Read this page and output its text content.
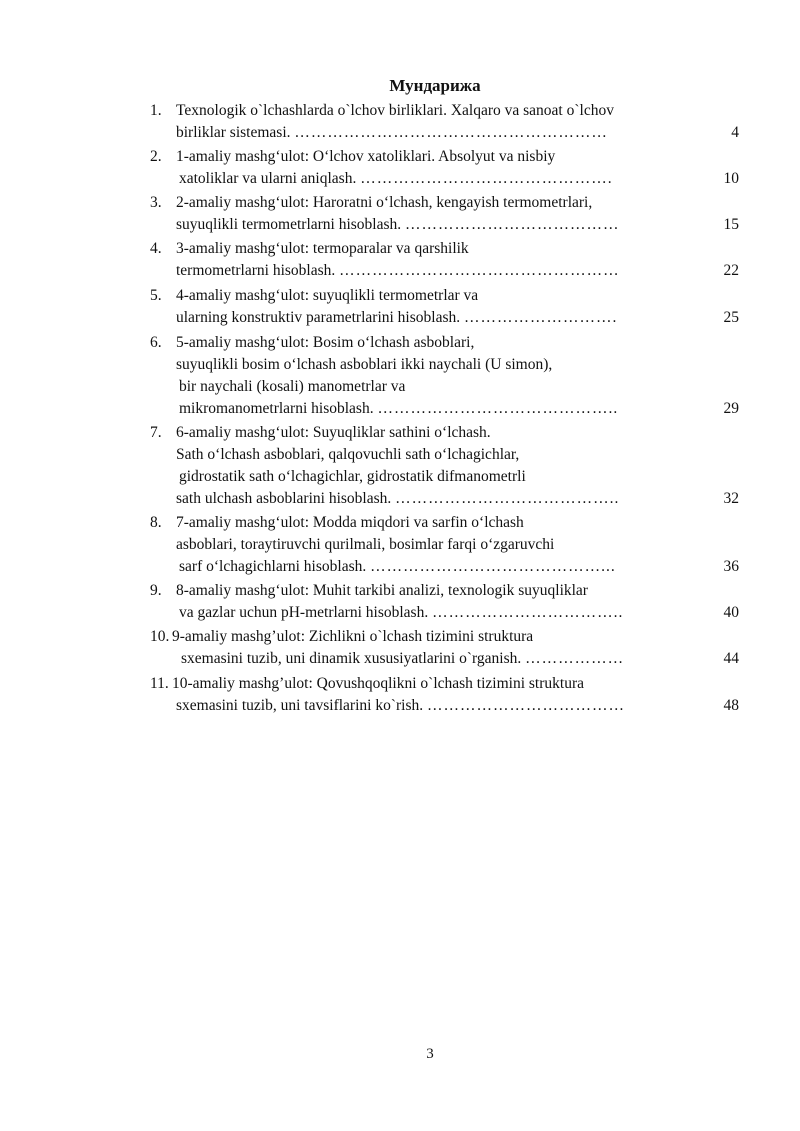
Мундарижа
1. Texnologik o`lchashlarda o`lchov birliklari. Xalqaro va sanoat o`lchov
birliklar sistemasi. …………………………………………………	4
2. 1-amaliy mashg‘ulot: O‘lchov xatoliklari. Absolyut va nisbiy
xatoliklar va ularni aniqlash. ……………………………………….	10
3. 2-amaliy mashg‘ulot: Haroratni o‘lchash, kengayish termometrlari,
suyuqlikli termometrlarni hisoblash. …………………………………	15
4. 3-amaliy mashg‘ulot: termoparalar va qarshilik
termometrlarni hisoblash. ……………………………………………	22
5. 4-amaliy mashg‘ulot: suyuqlikli termometrlar va
ularning konstruktiv parametrlarini hisoblash. ……………………….	25
6. 5-amaliy mashg‘ulot: Bosim o‘lchash asboblari,
suyuqlikli bosim o‘lchash asboblari ikki naychali (U simon),
bir naychali (kosali) manometrlar va
mikromanometrlarni hisoblash. ……………………………………..	29
7. 6-amaliy mashg‘ulot: Suyuqliklar sathini o‘lchash.
Sath o‘lchash asboblari, qalqovuchli sath o‘lchagichlar,
gidrostatik sath o‘lchagichlar, gidrostatik difmanometrli
sath ulchash asboblarini hisoblash. …………………………………..	32
8. 7-amaliy mashg‘ulot: Modda miqdori va sarfin o‘lchash
asboblari, toraytiruvchi qurilmali, bosimlar farqi o‘zgaruvchi
sarf o‘lchagichlarni hisoblash. ……………………………………...	36
9. 8-amaliy mashg‘ulot: Muhit tarkibi analizi, texnologik suyuqliklar
va gazlar uchun pH-metrlarni hisoblash. ……………………………..	40
10. 9-amaliy mashg’ulot: Zichlikni o`lchash tizimini struktura
sxemasini tuzib, uni dinamik xususiyatlarini o`rganish. ………………	44
11. 10-amaliy mashg’ulot: Qovushqoqlikni o`lchash tizimini struktura
sxemasini tuzib, uni tavsiflarini ko`rish. ………………………………	48
3
